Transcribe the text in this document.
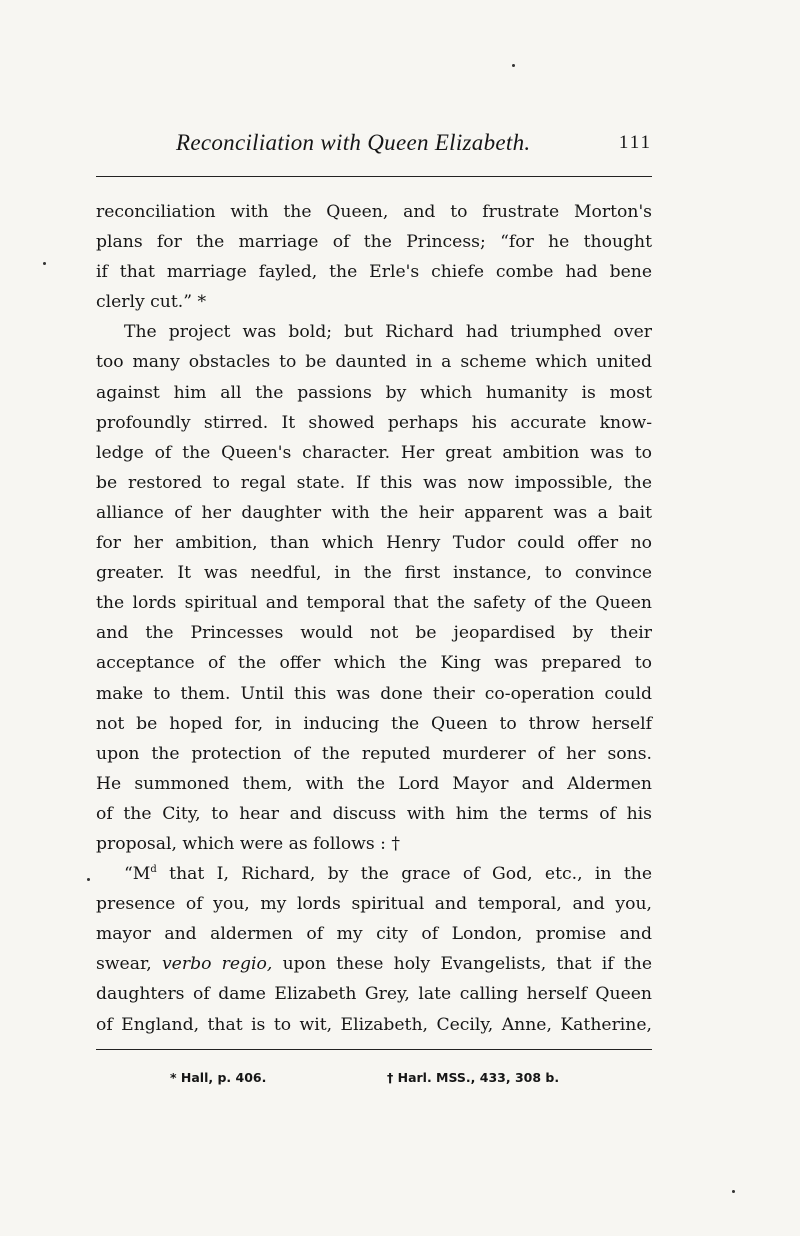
Reconciliation with Queen Elizabeth.	111
reconciliation with the Queen, and to frustrate Morton's
plans for the marriage of the Princess; “for he thought
if that marriage fayled, the Erle's chiefe combe had bene
clerly cut.” *
The project was bold; but Richard had triumphed over
too many obstacles to be daunted in a scheme which united
against him all the passions by which humanity is most
profoundly stirred. It showed perhaps his accurate know-
ledge of the Queen's character. Her great ambition was to
be restored to regal state. If this was now impossible, the
alliance of her daughter with the heir apparent was a bait
for her ambition, than which Henry Tudor could offer no
greater. It was needful, in the first instance, to convince
the lords spiritual and temporal that the safety of the Queen
and the Princesses would not be jeopardised by their
acceptance of the offer which the King was prepared to
make to them. Until this was done their co-operation could
not be hoped for, in inducing the Queen to throw herself
upon the protection of the reputed murderer of her sons.
He summoned them, with the Lord Mayor and Aldermen
of the City, to hear and discuss with him the terms of his
proposal, which were as follows : †
“$M^d$ that I, Richard, by the grace of God, etc., in the
presence of you, my lords spiritual and temporal, and you,
mayor and aldermen of my city of London, promise and
swear, verbo regio, upon these holy Evangelists, that if the
daughters of dame Elizabeth Grey, late calling herself Queen
of England, that is to wit, Elizabeth, Cecily, Anne, Katherine,
* Hall, p. 406.	† Harl. MSS., 433, 308 b.
